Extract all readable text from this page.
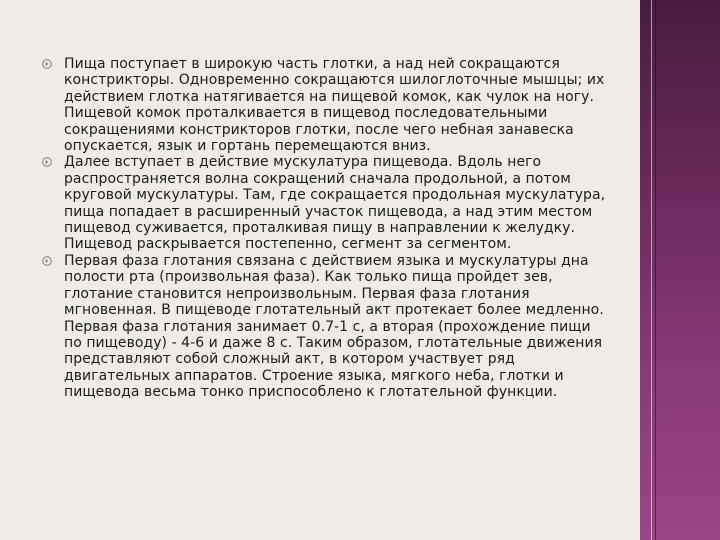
Пища поступает в широкую часть глотки, а над ней сокращаются констрикторы. Одновременно сокращаются шилоглоточные мышцы; их действием глотка натягивается на пищевой комок, как чулок на ногу. Пищевой комок проталкивается в пищевод последовательными сокращениями констрикторов глотки, после чего небная занавеска опускается, язык и гортань перемещаются вниз.
Далее вступает в действие мускулатура пищевода. Вдоль него распространяется волна сокращений сначала продольной, а потом круговой мускулатуры. Там, где сокращается продольная мускулатура, пища попадает в расширенный участок пищевода, а над этим местом пищевод суживается, проталкивая пищу в направлении к желудку. Пищевод раскрывается постепенно, сегмент за сегментом.
Первая фаза глотания связана с действием языка и мускулатуры дна полости рта (произвольная фаза). Как только пища пройдет зев, глотание становится непроизвольным. Первая фаза глотания мгновенная. В пищеводе глотательный акт протекает более медленно. Первая фаза глотания занимает 0.7-1 с, а вторая (прохождение пищи по пищеводу) - 4-6 и даже 8 с. Таким образом, глотательные движения представляют собой сложный акт, в котором участвует ряд двигательных аппаратов. Строение языка, мягкого неба, глотки и пищевода весьма тонко приспособлено к глотательной функции.
